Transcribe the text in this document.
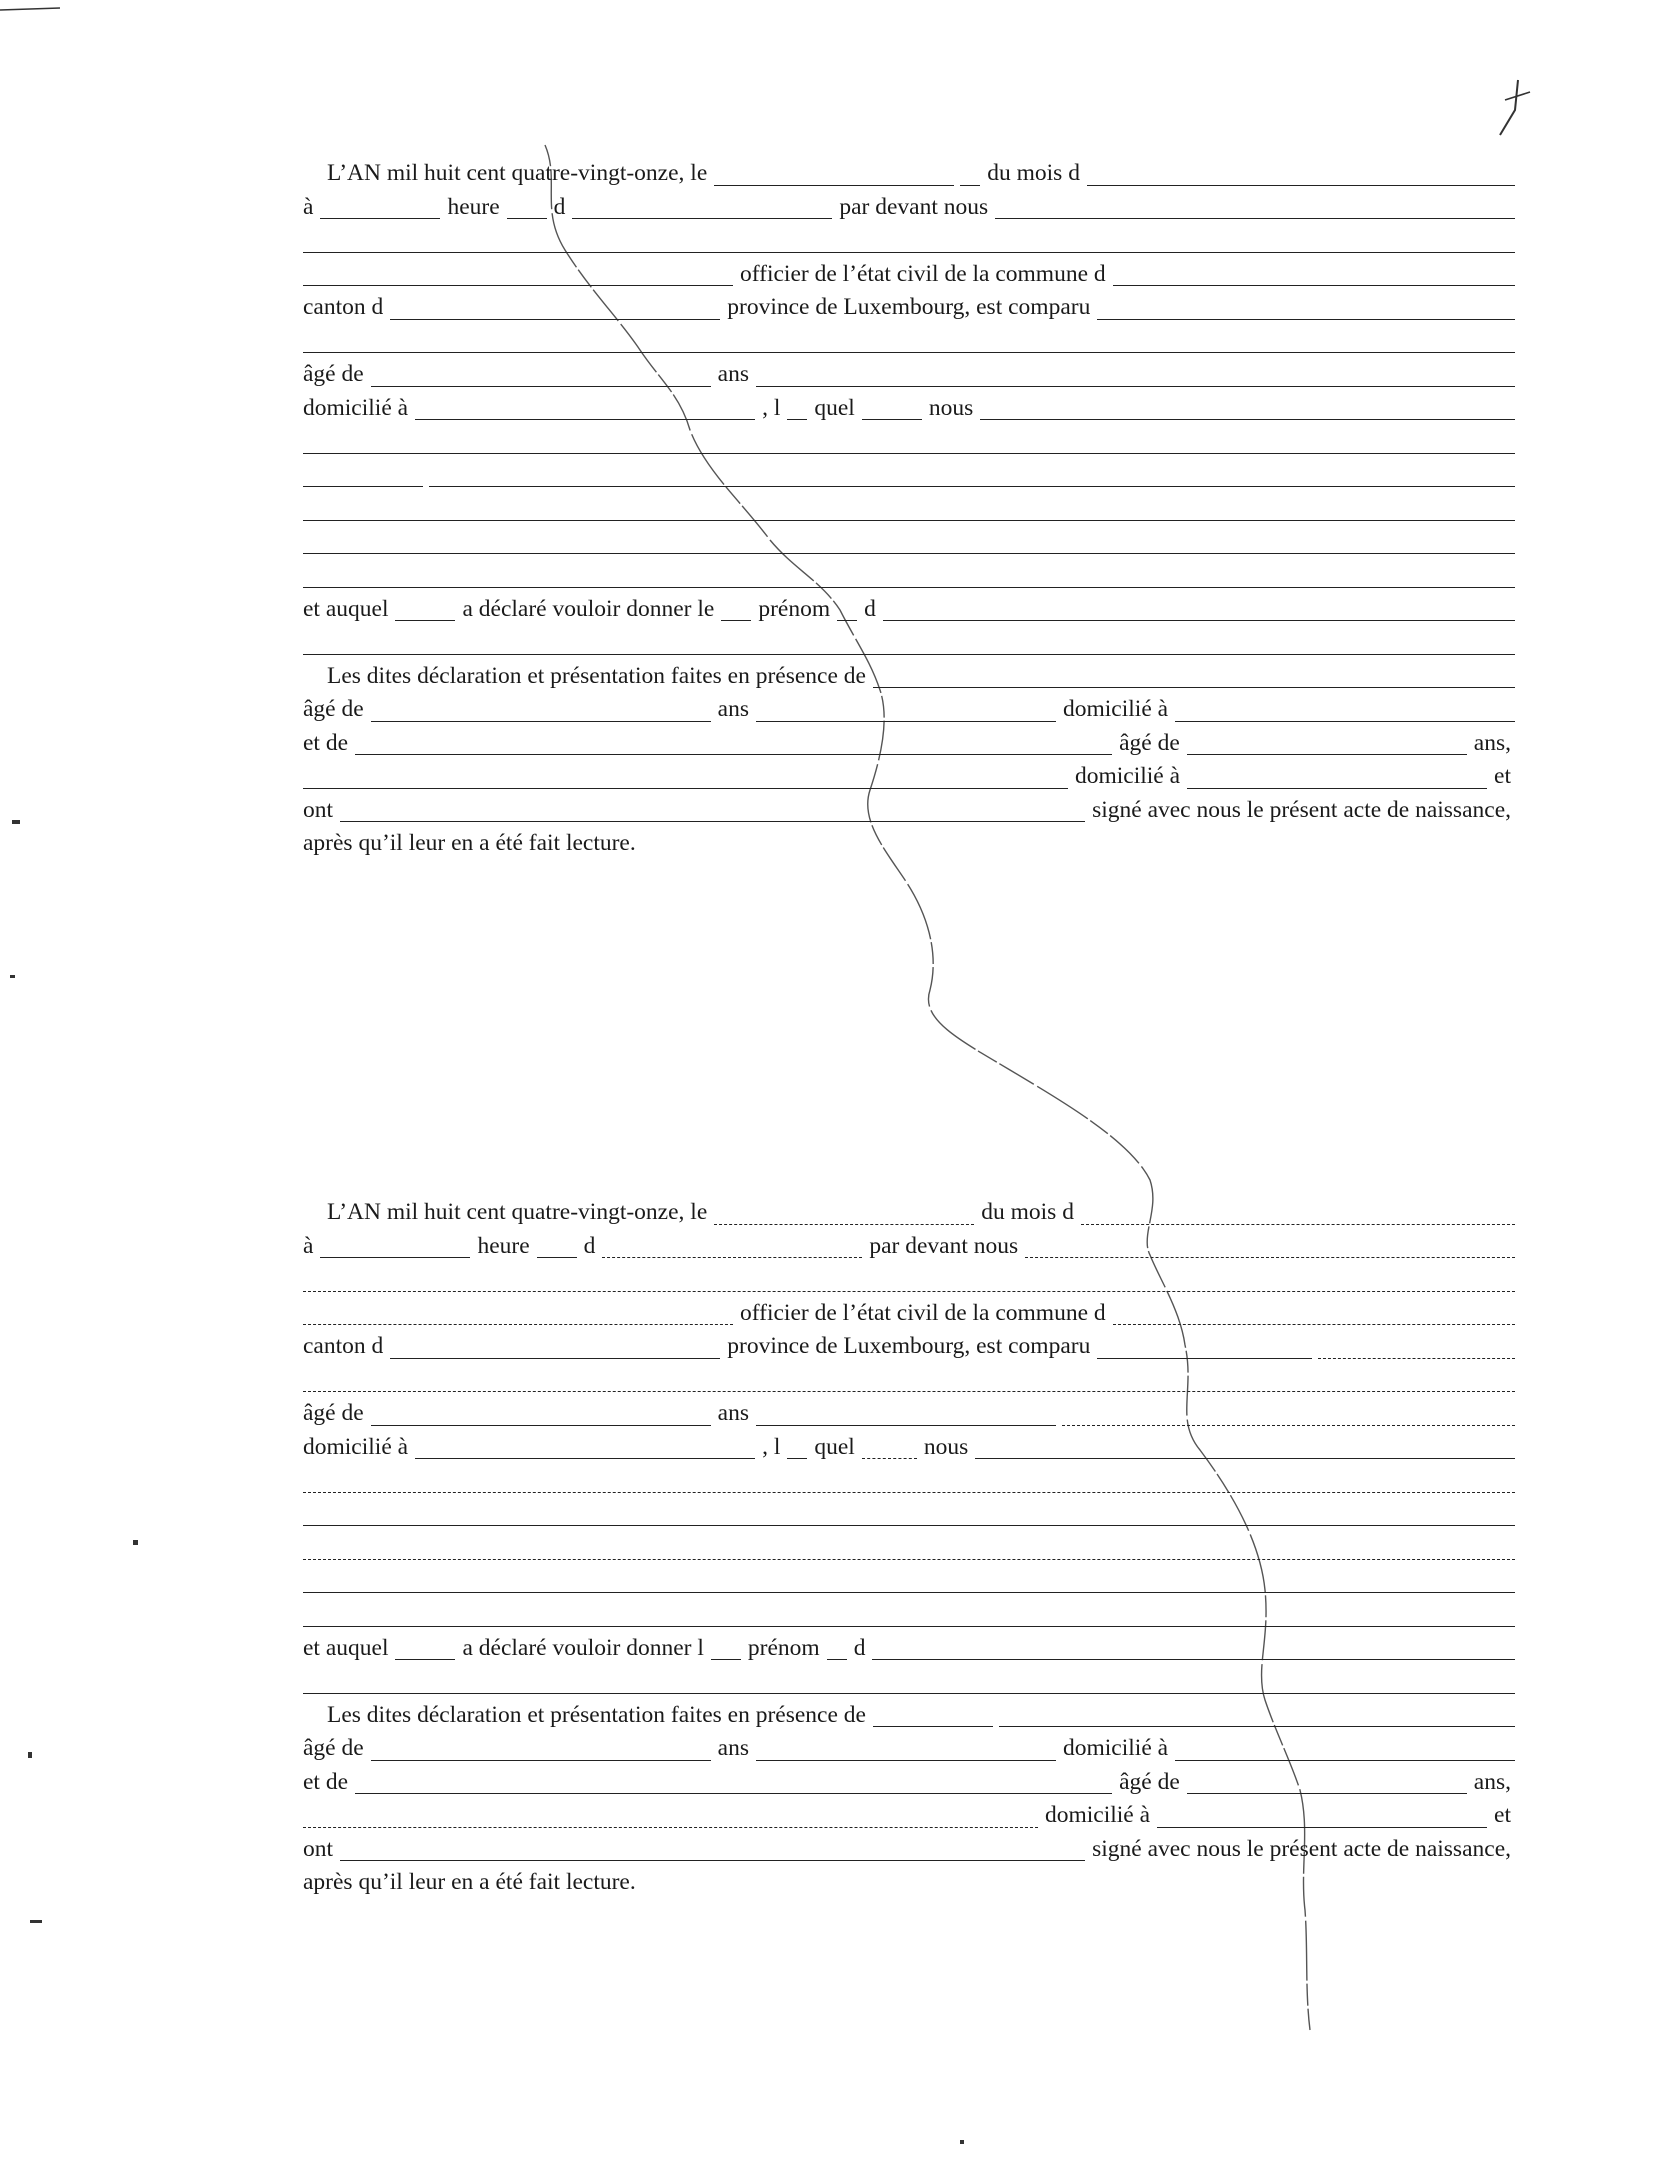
L’AN mil huit cent quatre-vingt-onze, le	du mois d
à	heure d	par devant nous
officier de l’état civil de la commune d
canton d	province de Luxembourg, est comparu
âgé de	ans
domicilié à	, l quel	nous
et auquel	a déclaré vouloir donner le prénom d
Les dites déclaration et présentation faites en présence de
âgé de	ans	domicilié à
et de	âgé de	ans,
domicilié à	et
ont	signé avec nous le présent acte de naissance,
après qu’il leur en a été fait lecture.
L’AN mil huit cent quatre-vingt-onze, le	du mois d
à	heure d	par devant nous
officier de l’état civil de la commune d
canton d	province de Luxembourg, est comparu
âgé de	ans
domicilié à	, l quel	nous
et auquel	a déclaré vouloir donner l prénom d
Les dites déclaration et présentation faites en présence de
âgé de	ans	domicilié à
et de	âgé de	ans,
domicilié à	et
ont	signé avec nous le présent acte de naissance,
après qu’il leur en a été fait lecture.
